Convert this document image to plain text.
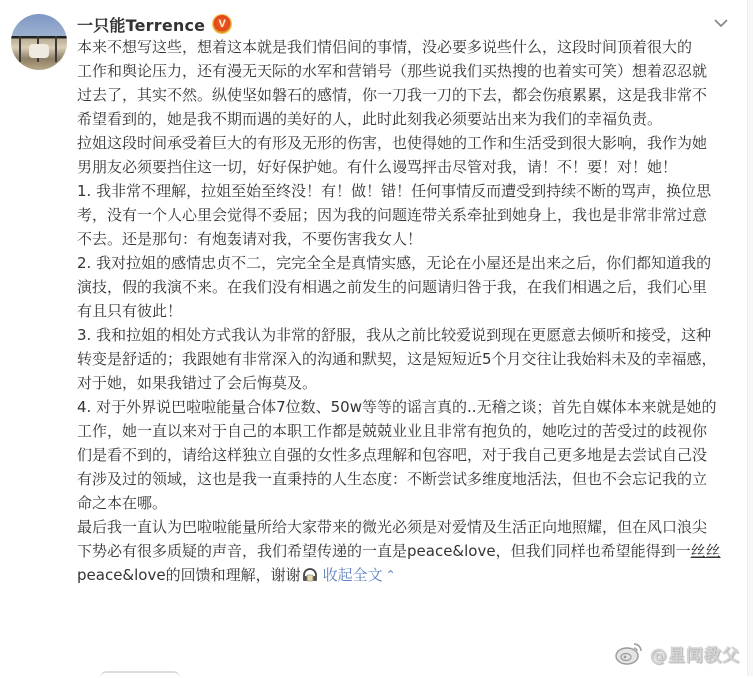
一只能Terrence	V
本来不想写这些，想着这本就是我们情侣间的事情，没必要多说些什么，这段时间顶着很大的
工作和舆论压力，还有漫无天际的水军和营销号（那些说我们买热搜的也着实可笑）想着忍忍就
过去了，其实不然。纵使坚如磐石的感情，你一刀我一刀的下去，都会伤痕累累，这是我非常不
希望看到的，她是我不期而遇的美好的人，此时此刻我必须要站出来为我们的幸福负责。
拉姐这段时间承受着巨大的有形及无形的伤害，也使得她的工作和生活受到很大影响，我作为她
男朋友必须要挡住这一切，好好保护她。有什么谩骂抨击尽管对我，请！不！要！对！她！
1. 我非常不理解，拉姐至始至终没！有！做！错！任何事情反而遭受到持续不断的骂声，换位思
考，没有一个人心里会觉得不委屈；因为我的问题连带关系牵扯到她身上，我也是非常非常过意
不去。还是那句：有炮轰请对我，不要伤害我女人！
2. 我对拉姐的感情忠贞不二，完完全全是真情实感，无论在小屋还是出来之后，你们都知道我的
演技，假的我演不来。在我们没有相遇之前发生的问题请归咎于我，在我们相遇之后，我们心里
有且只有彼此！
3. 我和拉姐的相处方式我认为非常的舒服，我从之前比较爱说到现在更愿意去倾听和接受，这种
转变是舒适的；我跟她有非常深入的沟通和默契，这是短短近5个月交往让我始料未及的幸福感，
对于她，如果我错过了会后悔莫及。
4. 对于外界说巴啦啦能量合体7位数、50w等等的谣言真的..无稽之谈；首先自媒体本来就是她的
工作，她一直以来对于自己的本职工作都是兢兢业业且非常有抱负的，她吃过的苦受过的歧视你
们是看不到的，请给这样独立自强的女性多点理解和包容吧，对于我自己更多地是去尝试自己没
有涉及过的领域，这也是我一直秉持的人生态度：不断尝试多维度地活法，但也不会忘记我的立
命之本在哪。
最后我一直认为巴啦啦能量所给大家带来的微光必须是对爱情及生活正向地照耀，但在风口浪尖
下势必有很多质疑的声音，我们希望传递的一直是peace&love，但我们同样也希望能得到一丝丝
peace&love的回馈和理解，谢谢 收起全文 ⌃
@星闻教父
